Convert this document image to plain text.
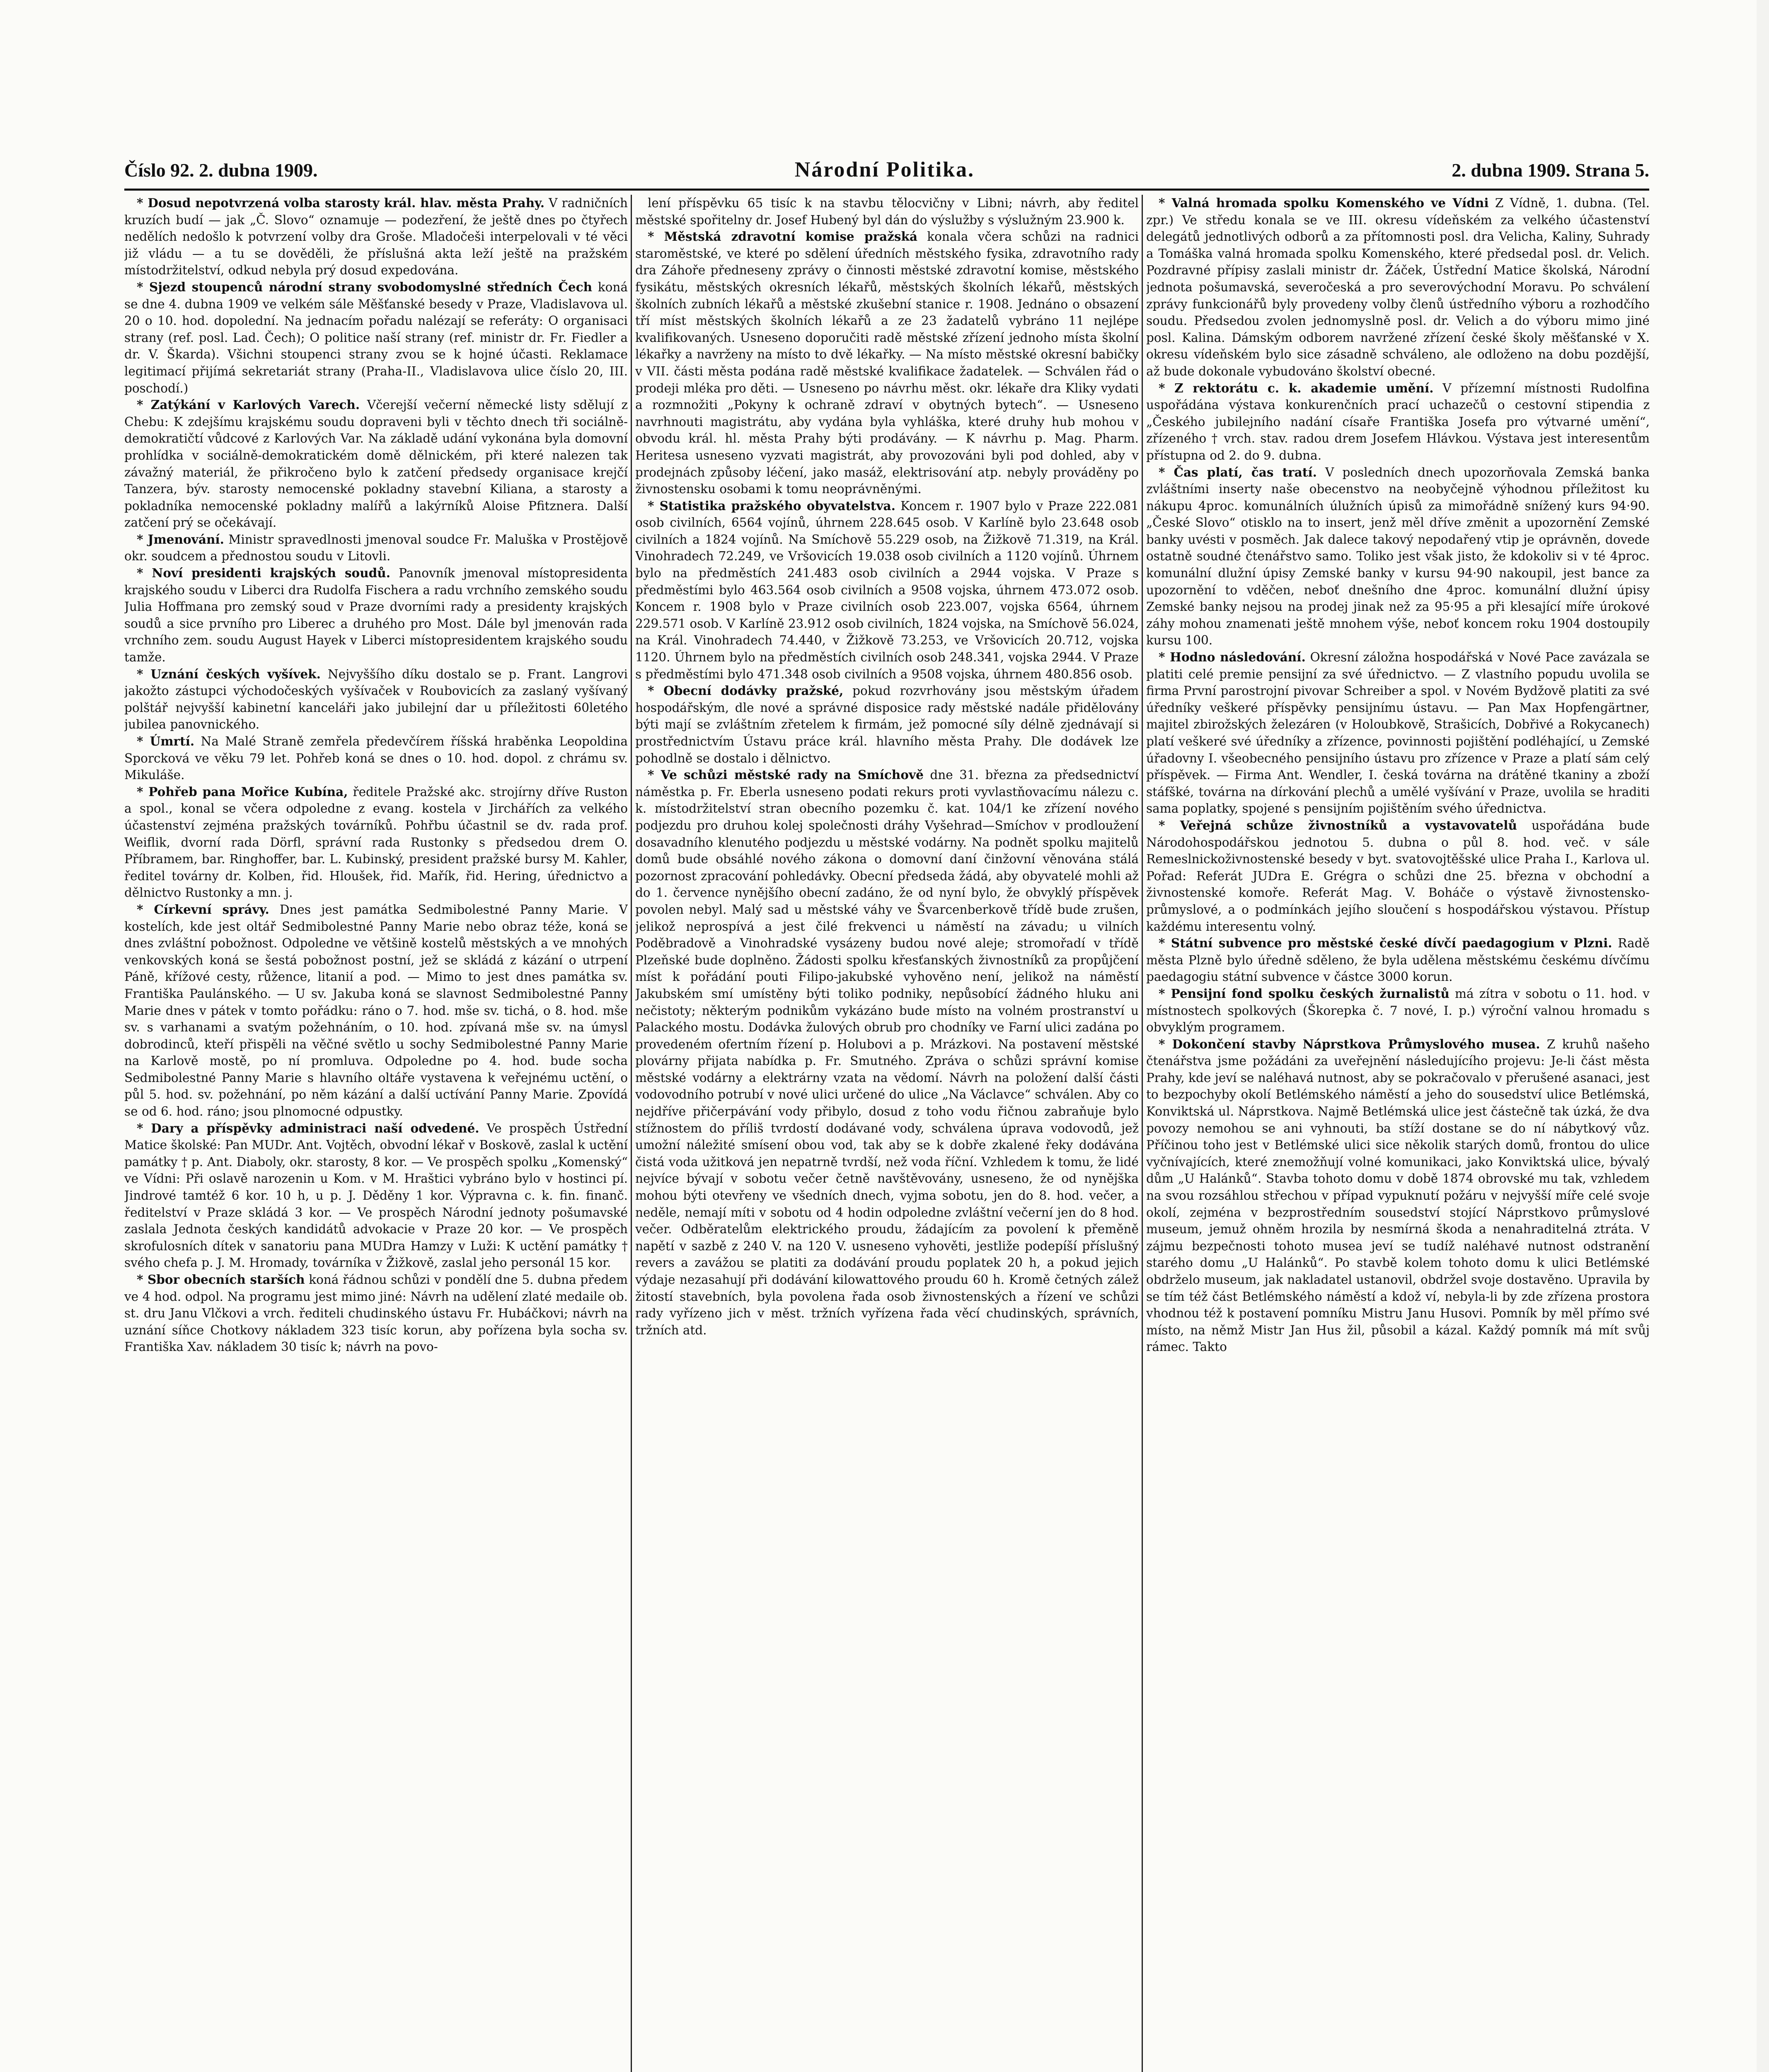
Číslo 92. 2. dubna 1909.	Národní Politika.	2. dubna 1909. Strana 5.

* Dosud nepotvrzená volba starosty král. hlav. města Prahy. V radničních kruzích budí — jak „Č. Slovo“ oznamuje — podezření, že ještě dnes po čtyřech nedělích nedošlo k potvrzení volby dra Groše. Mladočeši interpelovali v té věci již vládu — a tu se dověděli, že příslušná akta leží ještě na pražském místodržitelství, odkud nebyla prý dosud expedována.

* Sjezd stoupenců národní strany svobodomyslné středních Čech koná se dne 4. dubna 1909 ve velkém sále Měšťanské besedy v Praze, Vladislavova ul. 20 o 10. hod. dopolední. Na jednacím pořadu nalézají se referáty: O organisaci strany (ref. posl. Lad. Čech); O politice naší strany (ref. ministr dr. Fr. Fiedler a dr. V. Škarda). Všichni stoupenci strany zvou se k hojné účasti. Reklamace legitimací přijímá sekretariát strany (Praha-II., Vladislavova ulice číslo 20, III. poschodí.)

* Zatýkání v Karlových Varech. Včerejší večerní německé listy sdělují z Chebu: K zdejšímu krajskému soudu dopraveni byli v těchto dnech tři sociálně-demokratičtí vůdcové z Karlových Var. Na základě udání vykonána byla domovní prohlídka v sociálně-demokratickém domě dělnickém, při které nalezen tak závažný materiál, že přikročeno bylo k zatčení předsedy organisace krejčí Tanzera, býv. starosty nemocenské pokladny stavební Kiliana, a starosty a pokladníka nemocenské pokladny malířů a lakýrníků Aloise Pfitznera. Další zatčení prý se očekávají.

* Jmenování. Ministr spravedlnosti jmenoval soudce Fr. Maluška v Prostějově okr. soudcem a přednostou soudu v Litovli.

* Noví presidenti krajských soudů. Panovník jmenoval místopresidenta krajského soudu v Liberci dra Rudolfa Fischera a radu vrchního zemského soudu Julia Hoffmana pro zemský soud v Praze dvorními rady a presidenty krajských soudů a sice prvního pro Liberec a druhého pro Most. Dále byl jmenován rada vrchního zem. soudu August Hayek v Liberci místopresidentem krajského soudu tamže.

* Uznání českých vyšívek. Nejvyššího díku dostalo se p. Frant. Langrovi jakožto zástupci východočeských vyšívaček v Roubovicích za zaslaný vyšívaný polštář nejvyšší kabinetní kanceláři jako jubilejní dar u příležitosti 60letého jubilea panovnického.

* Úmrtí. Na Malé Straně zemřela předevčírem říšská hraběnka Leopoldina Sporcková ve věku 79 let. Pohřeb koná se dnes o 10. hod. dopol. z chrámu sv. Mikuláše.

* Pohřeb pana Mořice Kubína, ředitele Pražské akc. strojírny dříve Ruston a spol., konal se včera odpoledne z evang. kostela v Jirchářích za velkého účastenství zejména pražských továrníků. Pohřbu účastnil se dv. rada prof. Weiflik, dvorní rada Dörfl, správní rada Rustonky s předsedou drem O. Příbramem, bar. Ringhoffer, bar. L. Kubinský, president pražské bursy M. Kahler, ředitel továrny dr. Kolben, řid. Hloušek, řid. Mařík, řid. Hering, úřednictvo a dělnictvo Rustonky a mn. j.

* Církevní správy. Dnes jest památka Sedmibolestné Panny Marie. V kostelích, kde jest oltář Sedmibolestné Panny Marie nebo obraz téže, koná se dnes zvláštní pobožnost. Odpoledne ve většině kostelů městských a ve mnohých venkovských koná se šestá pobožnost postní, jež se skládá z kázání o utrpení Páně, křížové cesty, růžence, litanií a pod. — Mimo to jest dnes památka sv. Františka Paulánského. — U sv. Jakuba koná se slavnost Sedmibolestné Panny Marie dnes v pátek v tomto pořádku: ráno o 7. hod. mše sv. tichá, o 8. hod. mše sv. s varhanami a svatým požehnáním, o 10. hod. zpívaná mše sv. na úmysl dobrodinců, kteří přispěli na věčné světlo u sochy Sedmibolestné Panny Marie na Karlově mostě, po ní promluva. Odpoledne po 4. hod. bude socha Sedmibolestné Panny Marie s hlavního oltáře vystavena k veřejnému uctění, o půl 5. hod. sv. požehnání, po něm kázání a další uctívání Panny Marie. Zpovídá se od 6. hod. ráno; jsou plnomocné odpustky.

* Dary a příspěvky administraci naší odvedené. Ve prospěch Ústřední Matice školské: Pan MUDr. Ant. Vojtěch, obvodní lékař v Boskově, zaslal k uctění památky † p. Ant. Diaboly, okr. starosty, 8 kor. — Ve prospěch spolku „Komenský“ ve Vídni: Při oslavě narozenin u Kom. v M. Hraštici vybráno bylo v hostinci pí. Jindrové tamtéž 6 kor. 10 h, u p. J. Děděny 1 kor. Výpravna c. k. fin. finanč. ředitelství v Praze skládá 3 kor. — Ve prospěch Národní jednoty pošumavské zaslala Jednota českých kandidátů advokacie v Praze 20 kor. — Ve prospěch skrofulosních dítek v sanatoriu pana MUDra Hamzy v Luži: K uctění památky † svého chefa p. J. M. Hromady, továrníka v Žižkově, zaslal jeho personál 15 kor.

* Sbor obecních starších koná řádnou schůzi v pondělí dne 5. dubna předem ve 4 hod. odpol. Na programu jest mimo jiné: Návrh na udělení zlaté medaile ob. st. dru Janu Vlčkovi a vrch. řediteli chudinského ústavu Fr. Hubáčkovi; návrh na uznání síňce Chotkovy nákladem 323 tisíc korun, aby pořízena byla socha sv. Františka Xav. nákladem 30 tisíc k; návrh na povo-

lení příspěvku 65 tisíc k na stavbu tělocvičny v Libni; návrh, aby ředitel městské spořitelny dr. Josef Hubený byl dán do výslužby s výslužným 23.900 k.

* Městská zdravotní komise pražská konala včera schůzi na radnici staroměstské, ve které po sdělení úředních městského fysika, zdravotního rady dra Záhoře předneseny zprávy o činnosti městské zdravotní komise, městského fysikátu, městských okresních lékařů, městských školních lékařů, městských školních zubních lékařů a městské zkušební stanice r. 1908. Jednáno o obsazení tří míst městských školních lékařů a ze 23 žadatelů vybráno 11 nejlépe kvalifikovaných. Usneseno doporučiti radě městské zřízení jednoho místa školní lékařky a navrženy na místo to dvě lékařky. — Na místo městské okresní babičky v VII. části města podána radě městské kvalifikace žadatelek. — Schválen řád o prodeji mléka pro děti. — Usneseno po návrhu měst. okr. lékaře dra Kliky vydati a rozmnožiti „Pokyny k ochraně zdraví v obytných bytech“. — Usneseno navrhnouti magistrátu, aby vydána byla vyhláška, které druhy hub mohou v obvodu král. hl. města Prahy býti prodávány. — K návrhu p. Mag. Pharm. Heritesa usneseno vyzvati magistrát, aby provozováni byli pod dohled, aby v prodejnách způsoby léčení, jako masáž, elektrisování atp. nebyly prováděny po živnostensku osobami k tomu neoprávněnými.

* Statistika pražského obyvatelstva. Koncem r. 1907 bylo v Praze 222.081 osob civilních, 6564 vojínů, úhrnem 228.645 osob. V Karlíně bylo 23.648 osob civilních a 1824 vojínů. Na Smíchově 55.229 osob, na Žižkově 71.319, na Král. Vinohradech 72.249, ve Vršovicích 19.038 osob civilních a 1120 vojínů. Úhrnem bylo na předměstích 241.483 osob civilních a 2944 vojska. V Praze s předměstími bylo 463.564 osob civilních a 9508 vojska, úhrnem 473.072 osob. Koncem r. 1908 bylo v Praze civilních osob 223.007, vojska 6564, úhrnem 229.571 osob. V Karlíně 23.912 osob civilních, 1824 vojska, na Smíchově 56.024, na Král. Vinohradech 74.440, v Žižkově 73.253, ve Vršovicích 20.712, vojska 1120. Úhrnem bylo na předměstích civilních osob 248.341, vojska 2944. V Praze s předměstími bylo 471.348 osob civilních a 9508 vojska, úhrnem 480.856 osob.

* Obecní dodávky pražské, pokud rozvrhovány jsou městským úřadem hospodářským, dle nové a správné disposice rady městské nadále přidělovány býti mají se zvláštním zřetelem k firmám, jež pomocné síly délně zjednávají si prostřednictvím Ústavu práce král. hlavního města Prahy. Dle dodávek lze pohodlně se dostalo i dělnictvo.

* Ve schůzi městské rady na Smíchově dne 31. března za předsednictví náměstka p. Fr. Eberla usneseno podati rekurs proti vyvlastňovacímu nálezu c. k. místodržitelství stran obecního pozemku č. kat. 104/1 ke zřízení nového podjezdu pro druhou kolej společnosti dráhy Vyšehrad—Smíchov v prodloužení dosavadního klenutého podjezdu u městské vodárny. Na podnět spolku majitelů domů bude obsáhlé nového zákona o domovní daní činžovní věnována stálá pozornost zpracování pohledávky. Obecní předseda žádá, aby obyvatelé mohli až do 1. července nynějšího obecní zadáno, že od nyní bylo, že obvyklý příspěvek povolen nebyl. Malý sad u městské váhy ve Švarcenberkově třídě bude zrušen, jelikož neprospívá a jest čilé frekvenci u náměstí na závadu; u vilních Poděbradově a Vinohradské vysázeny budou nové aleje; stromořadí v třídě Plzeňské bude doplněno. Žádosti spolku křesťanských živnostníků za propůjčení míst k pořádání pouti Filipo-jakubské vyhověno není, jelikož na náměstí Jakubském smí umístěny býti toliko podniky, nepůsobící žádného hluku ani nečistoty; některým podnikům vykázáno bude místo na volném prostranství u Palackého mostu. Dodávka žulových obrub pro chodníky ve Farní ulici zadána po provedeném ofertním řízení p. Holubovi a p. Mrázkovi. Na postavení městské plovárny přijata nabídka p. Fr. Smutného. Zpráva o schůzi správní komise městské vodárny a elektrárny vzata na vědomí. Návrh na položení další části vodovodního potrubí v nové ulici určené do ulice „Na Václavce“ schválen. Aby co nejdříve přičerpávání vody přibylo, dosud z toho vodu řičnou zabraňuje bylo stížnostem do příliš tvrdostí dodávané vody, schválena úprava vodovodů, jež umožní náležité smísení obou vod, tak aby se k dobře zkalené řeky dodávána čistá voda užitková jen nepatrně tvrdší, než voda říční. Vzhledem k tomu, že lidé nejvíce bývají v sobotu večer četně navštěvovány, usneseno, že od nynějška mohou býti otevřeny ve všedních dnech, vyjma sobotu, jen do 8. hod. večer, a neděle, nemají míti v sobotu od 4 hodin odpoledne zvláštní večerní jen do 8 hod. večer. Odběratelům elektrického proudu, žádajícím za povolení k přeměně napětí v sazbě z 240 V. na 120 V. usneseno vyhověti, jestliže podepíší příslušný revers a zavážou se platiti za dodávání proudu poplatek 20 h, a pokud jejich výdaje nezasahují při dodávání kilowattového proudu 60 h. Kromě četných zálež žitostí stavebních, byla povolena řada osob živnostenských a řízení ve schůzi rady vyřízeno jich v měst. tržních vyřízena řada věcí chudinských, správních, tržních atd.

* Valná hromada spolku Komenského ve Vídni Z Vídně, 1. dubna. (Tel. zpr.) Ve středu konala se ve III. okresu vídeňském za velkého účastenství delegátů jednotlivých odborů a za přítomnosti posl. dra Velicha, Kaliny, Suhrady a Tomáška valná hromada spolku Komenského, které předsedal posl. dr. Velich. Pozdravné přípisy zaslali ministr dr. Žáček, Ústřední Matice školská, Národní jednota pošumavská, severočeská a pro severovýchodní Moravu. Po schválení zprávy funkcionářů byly provedeny volby členů ústředního výboru a rozhodčího soudu. Předsedou zvolen jednomyslně posl. dr. Velich a do výboru mimo jiné posl. Kalina. Dámským odborem navržené zřízení české školy měšťanské v X. okresu vídeňském bylo sice zásadně schváleno, ale odloženo na dobu pozdější, až bude dokonale vybudováno školství obecné.

* Z rektorátu c. k. akademie umění. V přízemní místnosti Rudolfina uspořádána výstava konkurenčních prací uchazečů o cestovní stipendia z „Českého jubilejního nadání císaře Františka Josefa pro výtvarné umění“, zřízeného † vrch. stav. radou drem Josefem Hlávkou. Výstava jest interesentům přístupna od 2. do 9. dubna.

* Čas platí, čas tratí. V posledních dnech upozorňovala Zemská banka zvláštními inserty naše obecenstvo na neobyčejně výhodnou příležitost ku nákupu 4proc. komunálních úlužních úpisů za mimořádně snížený kurs 94·90. „České Slovo“ otisklo na to insert, jenž měl dříve změnit a upozornění Zemské banky uvésti v posměch. Jak dalece takový nepodařený vtip je oprávněn, dovede ostatně soudné čtenářstvo samo. Toliko jest však jisto, že kdokoliv si v té 4proc. komunální dlužní úpisy Zemské banky v kursu 94·90 nakoupil, jest bance za upozornění to vděčen, neboť dnešního dne 4proc. komunální dlužní úpisy Zemské banky nejsou na prodej jinak než za 95·95 a při klesající míře úrokové záhy mohou znamenati ještě mnohem výše, neboť koncem roku 1904 dostoupily kursu 100.

* Hodno následování. Okresní záložna hospodářská v Nové Pace zavázala se platiti celé premie pensijní za své úřednictvo. — Z vlastního popudu uvolila se firma První parostrojní pivovar Schreiber a spol. v Novém Bydžově platiti za své úředníky veškeré příspěvky pensijnímu ústavu. — Pan Max Hopfengärtner, majitel zbirožských železáren (v Holoubkově, Strašicích, Dobřivé a Rokycanech) platí veškeré své úředníky a zřízence, povinnosti pojištění podléhající, u Zemské úřadovny I. všeobecného pensijního ústavu pro zřízence v Praze a platí sám celý příspěvek. — Firma Ant. Wendler, I. česká továrna na drátěné tkaniny a zboží stáfšké, továrna na dírkování plechů a umělé vyšívání v Praze, uvolila se hraditi sama poplatky, spojené s pensijním pojištěním svého úřednictva.

* Veřejná schůze živnostníků a vystavovatelů uspořádána bude Národohospodářskou jednotou 5. dubna o půl 8. hod. več. v sále Remeslnickoživnostenské besedy v byt. svatovojtěšské ulice Praha I., Karlova ul. Pořad: Referát JUDra E. Grégra o schůzi dne 25. března v obchodní a živnostenské komoře. Referát Mag. V. Boháče o výstavě živnostensko-průmyslové, a o podmínkách jejího sloučení s hospodářskou výstavou. Přístup každému interesentu volný.

* Státní subvence pro městské české dívčí paedagogium v Plzni. Radě města Plzně bylo úředně sděleno, že byla udělena městskému českému dívčímu paedagogiu státní subvence v částce 3000 korun.

* Pensijní fond spolku českých žurnalistů má zítra v sobotu o 11. hod. v místnostech spolkových (Škorepka č. 7 nové, I. p.) výroční valnou hromadu s obvyklým programem.

* Dokončení stavby Náprstkova Průmyslového musea. Z kruhů našeho čtenářstva jsme požádáni za uveřejnění následujícího projevu: Je-li část města Prahy, kde jeví se naléhavá nutnost, aby se pokračovalo v přerušené asanaci, jest to bezpochyby okolí Betlémského náměstí a jeho do sousedství ulice Betlémská, Konviktská ul. Náprstkova. Najmě Betlémská ulice jest částečně tak úzká, že dva povozy nemohou se ani vyhnouti, ba stíží dostane se do ní nábytkový vůz. Příčinou toho jest v Betlémské ulici sice několik starých domů, frontou do ulice vyčnívajících, které znemožňují volné komunikaci, jako Konviktská ulice, bývalý dům „U Halánků“. Stavba tohoto domu v době 1874 obrovské mu tak, vzhledem na svou rozsáhlou střechou v případ vypuknutí požáru v nejvyšší míře celé svoje okolí, zejména v bezprostředním sousedství stojící Náprstkovo průmyslové museum, jemuž ohněm hrozila by nesmírná škoda a nenahraditelná ztráta. V zájmu bezpečnosti tohoto musea jeví se tudíž naléhavé nutnost odstranění starého domu „U Halánků“. Po stavbě kolem tohoto domu k ulici Betlémské obdrželo museum, jak nakladatel ustanovil, obdržel svoje dostavěno. Upravila by se tím též část Betlémského náměstí a kdož ví, nebyla-li by zde zřízena prostora vhodnou též k postavení pomníku Mistru Janu Husovi. Pomník by měl přímo své místo, na němž Mistr Jan Hus žil, působil a kázal. Každý pomník má mít svůj rámec. Takto
